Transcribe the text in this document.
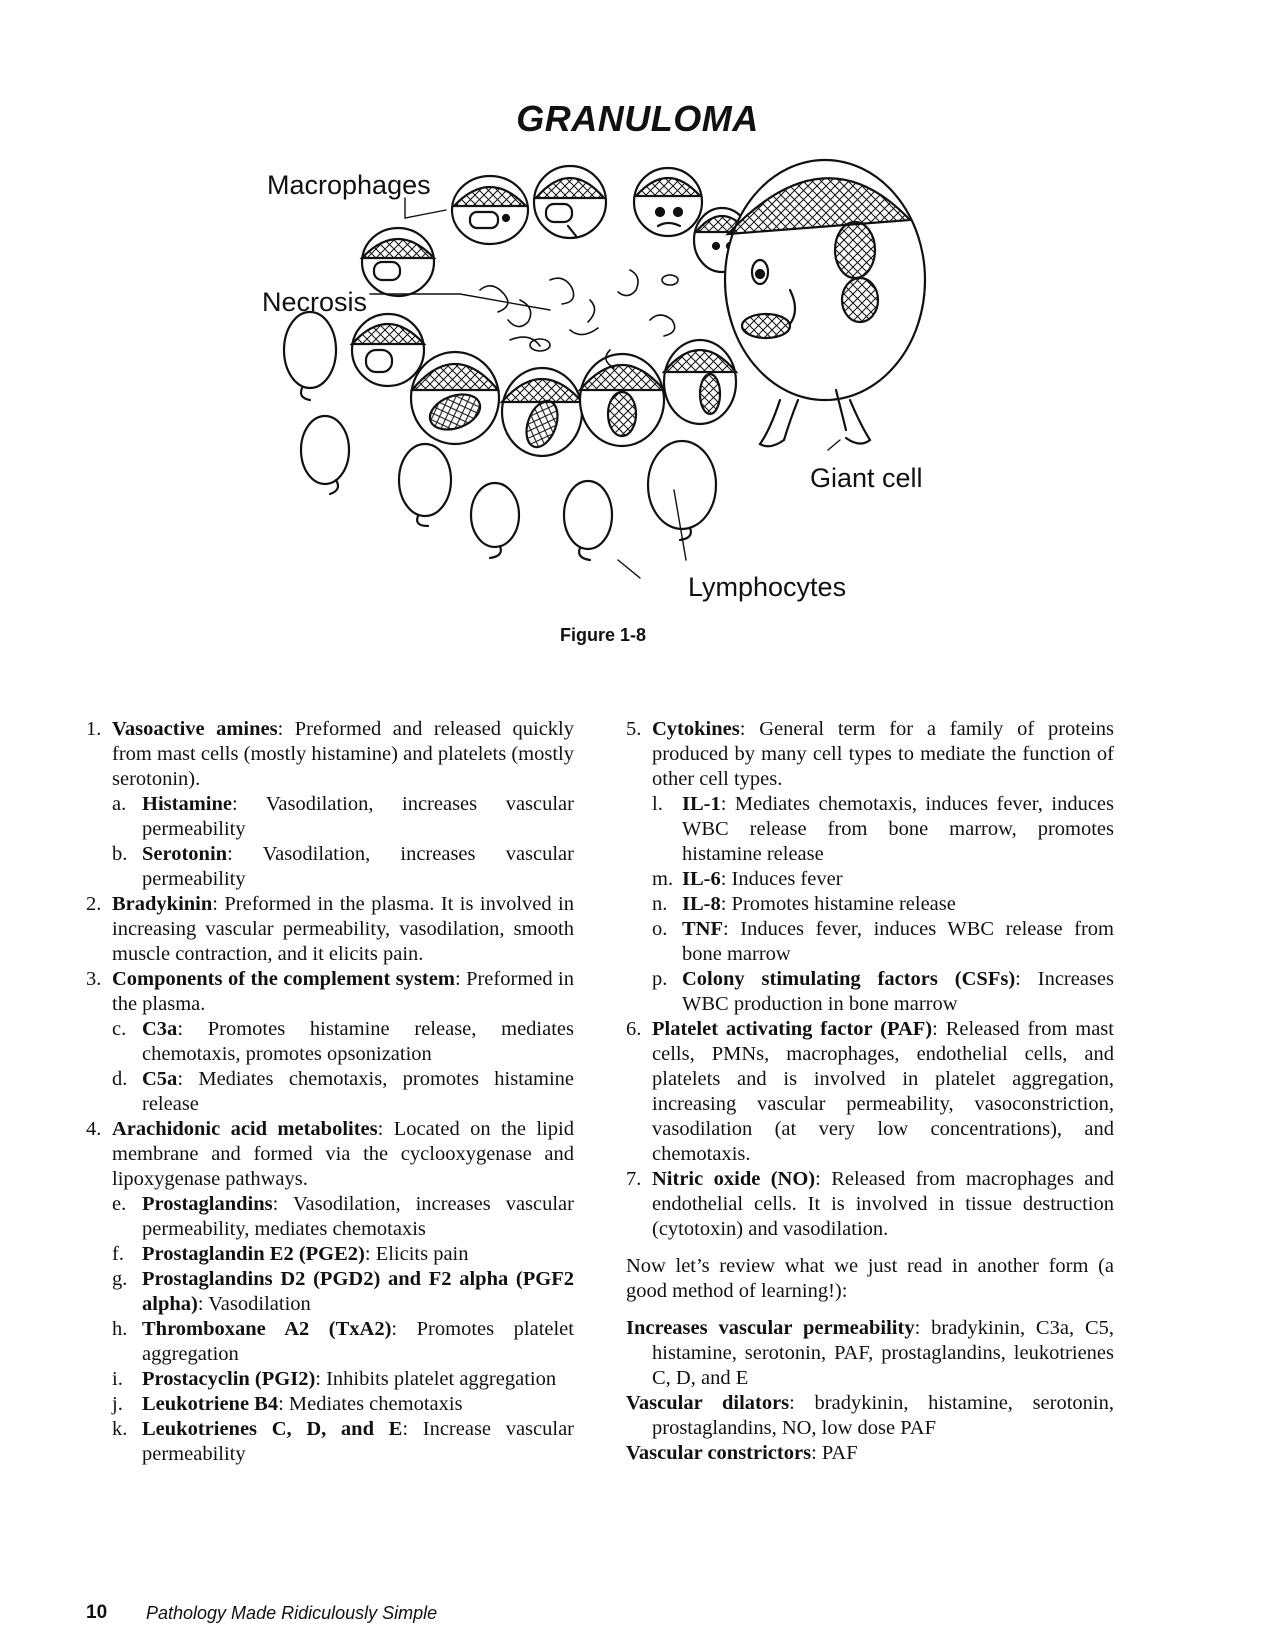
GRANULOMA
Macrophages
Necrosis
Giant cell
Lymphocytes
Figure 1-8
1. Vasoactive amines: Preformed and released quickly from mast cells (mostly histamine) and platelets (mostly serotonin).
a. Histamine: Vasodilation, increases vascular permeability
b. Serotonin: Vasodilation, increases vascular permeability
2. Bradykinin: Preformed in the plasma. It is involved in increasing vascular permeability, vasodilation, smooth muscle contraction, and it elicits pain.
3. Components of the complement system: Preformed in the plasma.
c. C3a: Promotes histamine release, mediates chemotaxis, promotes opsonization
d. C5a: Mediates chemotaxis, promotes histamine release
4. Arachidonic acid metabolites: Located on the lipid membrane and formed via the cyclooxygenase and lipoxygenase pathways.
e. Prostaglandins: Vasodilation, increases vascular permeability, mediates chemotaxis
f. Prostaglandin E2 (PGE2): Elicits pain
g. Prostaglandins D2 (PGD2) and F2 alpha (PGF2 alpha): Vasodilation
h. Thromboxane A2 (TxA2): Promotes platelet aggregation
i. Prostacyclin (PGI2): Inhibits platelet aggregation
j. Leukotriene B4: Mediates chemotaxis
k. Leukotrienes C, D, and E: Increase vascular permeability
5. Cytokines: General term for a family of proteins produced by many cell types to mediate the function of other cell types.
l. IL-1: Mediates chemotaxis, induces fever, induces WBC release from bone marrow, promotes histamine release
m. IL-6: Induces fever
n. IL-8: Promotes histamine release
o. TNF: Induces fever, induces WBC release from bone marrow
p. Colony stimulating factors (CSFs): Increases WBC production in bone marrow
6. Platelet activating factor (PAF): Released from mast cells, PMNs, macrophages, endothelial cells, and platelets and is involved in platelet aggregation, increasing vascular permeability, vasoconstriction, vasodilation (at very low concentrations), and chemotaxis.
7. Nitric oxide (NO): Released from macrophages and endothelial cells. It is involved in tissue destruction (cytotoxin) and vasodilation.
Now let’s review what we just read in another form (a good method of learning!):
Increases vascular permeability: bradykinin, C3a, C5, histamine, serotonin, PAF, prostaglandins, leukotrienes C, D, and E
Vascular dilators: bradykinin, histamine, serotonin, prostaglandins, NO, low dose PAF
Vascular constrictors: PAF
10 Pathology Made Ridiculously Simple
